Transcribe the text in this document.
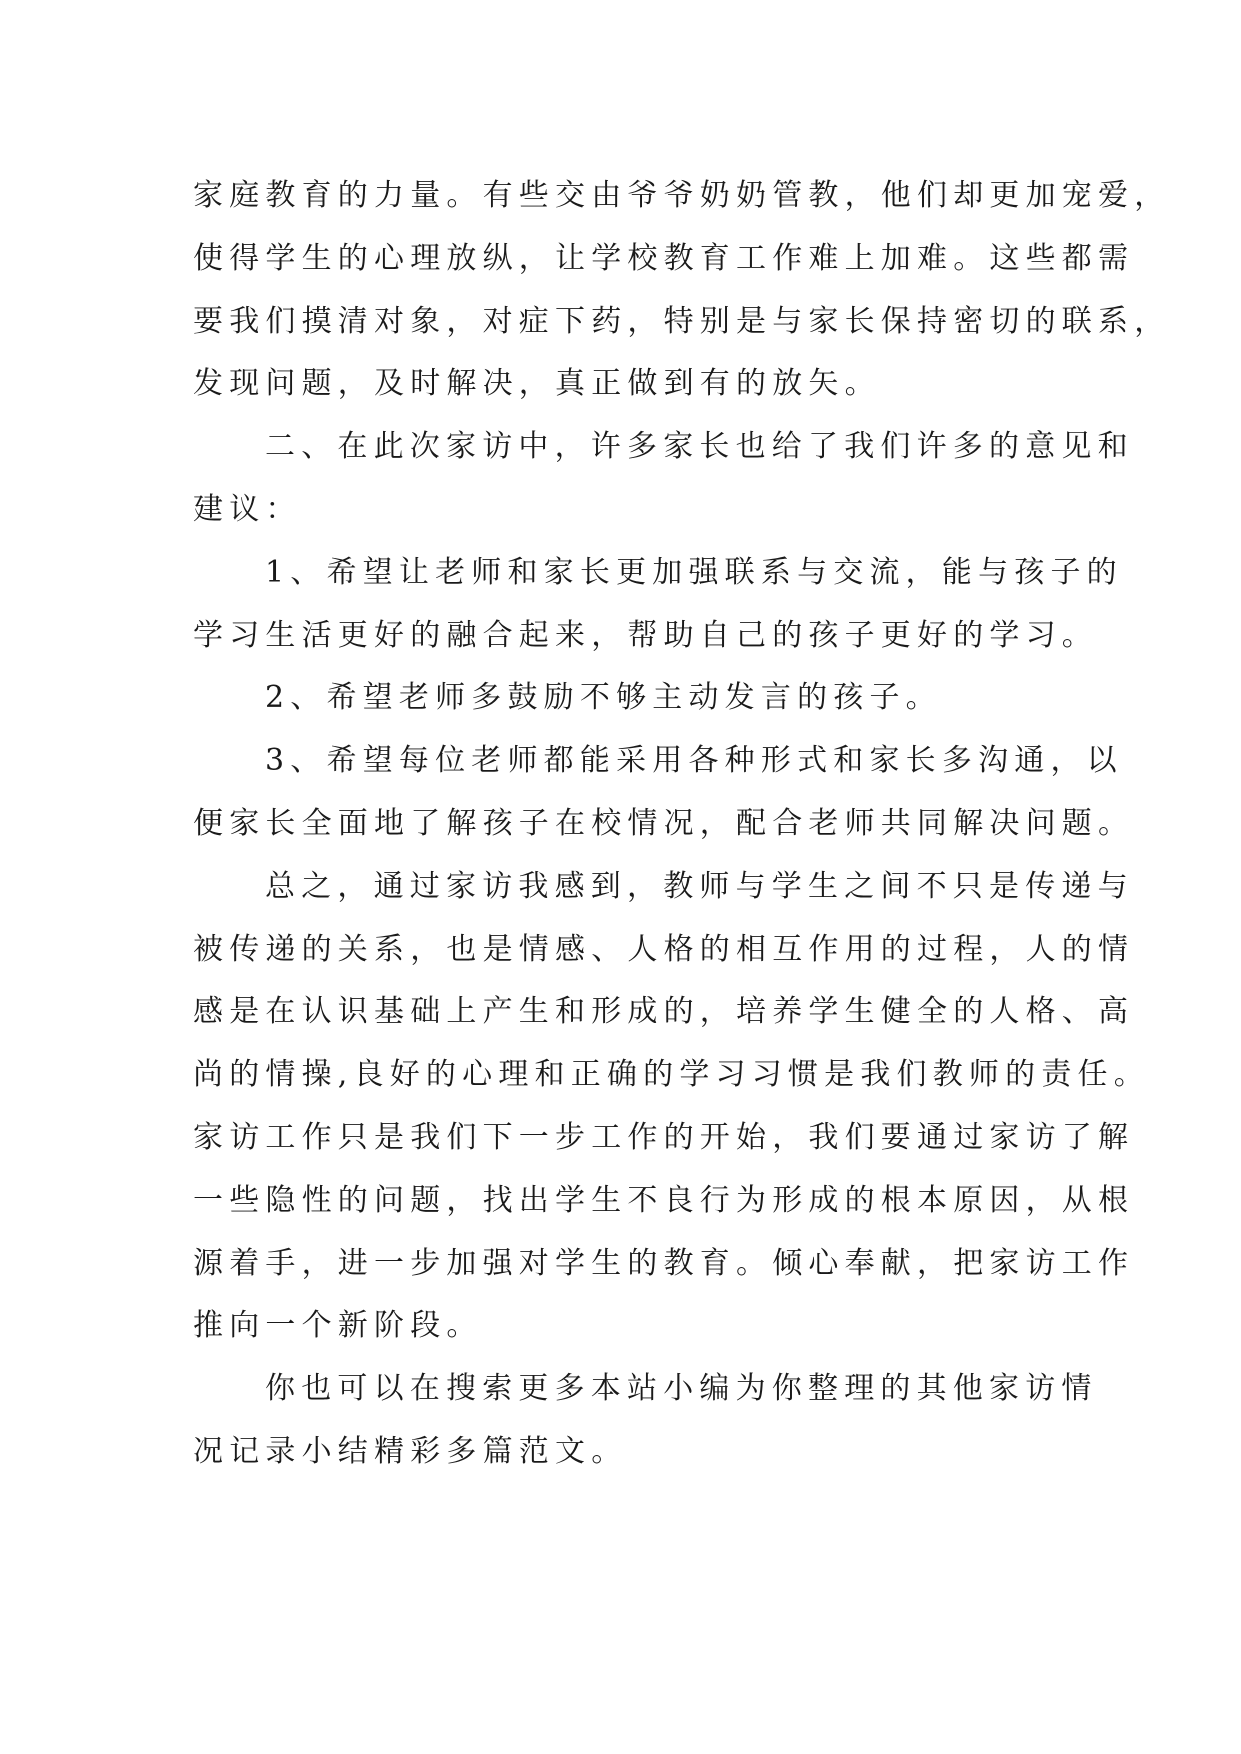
家庭教育的力量。有些交由爷爷奶奶管教，他们却更加宠爱，

使得学生的心理放纵，让学校教育工作难上加难。这些都需

要我们摸清对象，对症下药，特别是与家长保持密切的联系，

发现问题，及时解决，真正做到有的放矢。

二、在此次家访中，许多家长也给了我们许多的意见和

建议：

1、希望让老师和家长更加强联系与交流，能与孩子的

学习生活更好的融合起来，帮助自己的孩子更好的学习。

2、希望老师多鼓励不够主动发言的孩子。

3、希望每位老师都能采用各种形式和家长多沟通，以

便家长全面地了解孩子在校情况，配合老师共同解决问题。

总之，通过家访我感到，教师与学生之间不只是传递与

被传递的关系，也是情感、人格的相互作用的过程，人的情

感是在认识基础上产生和形成的，培养学生健全的人格、高

尚的情操,良好的心理和正确的学习习惯是我们教师的责任。

家访工作只是我们下一步工作的开始，我们要通过家访了解

一些隐性的问题，找出学生不良行为形成的根本原因，从根

源着手，进一步加强对学生的教育。倾心奉献，把家访工作

推向一个新阶段。

你也可以在搜索更多本站小编为你整理的其他家访情

况记录小结精彩多篇范文。
